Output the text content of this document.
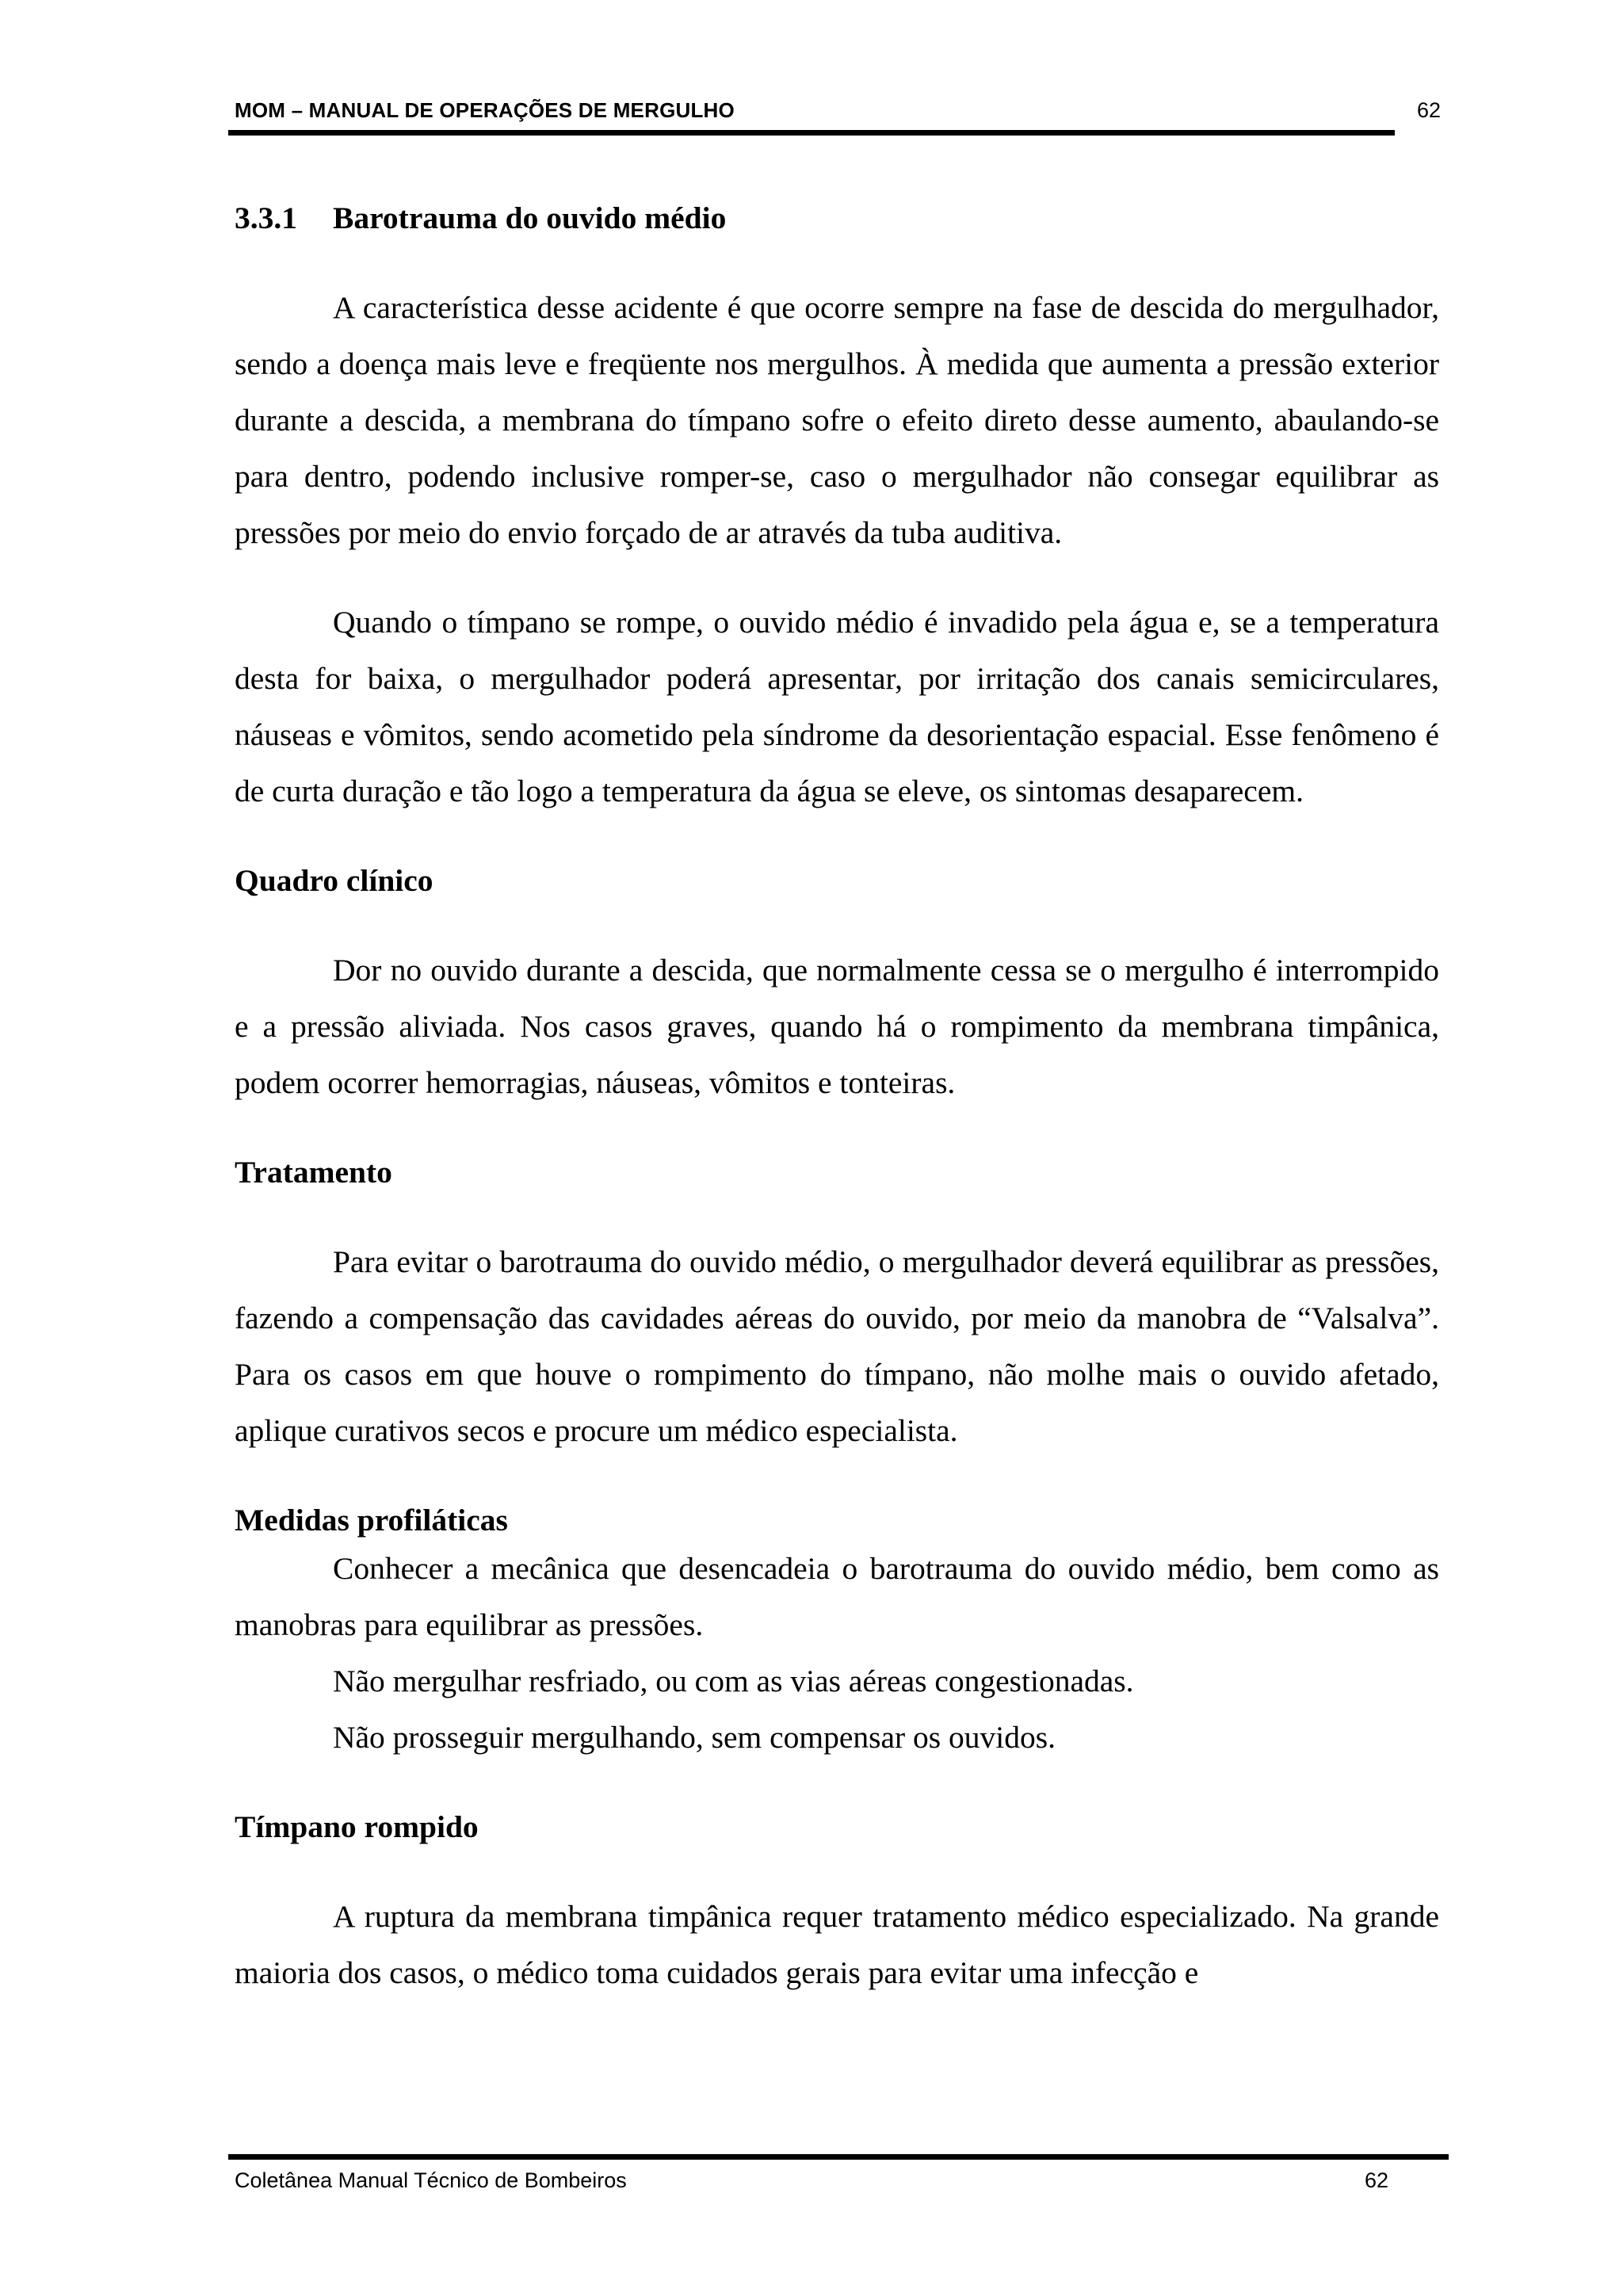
MOM – MANUAL DE OPERAÇÕES DE MERGULHO	62
3.3.1 Barotrauma do ouvido médio

A característica desse acidente é que ocorre sempre na fase de descida do mergulhador, sendo a doença mais leve e freqüente nos mergulhos. À medida que aumenta a pressão exterior durante a descida, a membrana do tímpano sofre o efeito direto desse aumento, abaulando-se para dentro, podendo inclusive romper-se, caso o mergulhador não consegar equilibrar as pressões por meio do envio forçado de ar através da tuba auditiva.

Quando o tímpano se rompe, o ouvido médio é invadido pela água e, se a temperatura desta for baixa, o mergulhador poderá apresentar, por irritação dos canais semicirculares, náuseas e vômitos, sendo acometido pela síndrome da desorientação espacial. Esse fenômeno é de curta duração e tão logo a temperatura da água se eleve, os sintomas desaparecem.

Quadro clínico

Dor no ouvido durante a descida, que normalmente cessa se o mergulho é interrompido e a pressão aliviada. Nos casos graves, quando há o rompimento da membrana timpânica, podem ocorrer hemorragias, náuseas, vômitos e tonteiras.

Tratamento

Para evitar o barotrauma do ouvido médio, o mergulhador deverá equilibrar as pressões, fazendo a compensação das cavidades aéreas do ouvido, por meio da manobra de “Valsalva”. Para os casos em que houve o rompimento do tímpano, não molhe mais o ouvido afetado, aplique curativos secos e procure um médico especialista.

Medidas profiláticas

Conhecer a mecânica que desencadeia o barotrauma do ouvido médio, bem como as manobras para equilibrar as pressões.

Não mergulhar resfriado, ou com as vias aéreas congestionadas.

Não prosseguir mergulhando, sem compensar os ouvidos.

Tímpano rompido

A ruptura da membrana timpânica requer tratamento médico especializado. Na grande maioria dos casos, o médico toma cuidados gerais para evitar uma infecção e

Coletânea Manual Técnico de Bombeiros	62
